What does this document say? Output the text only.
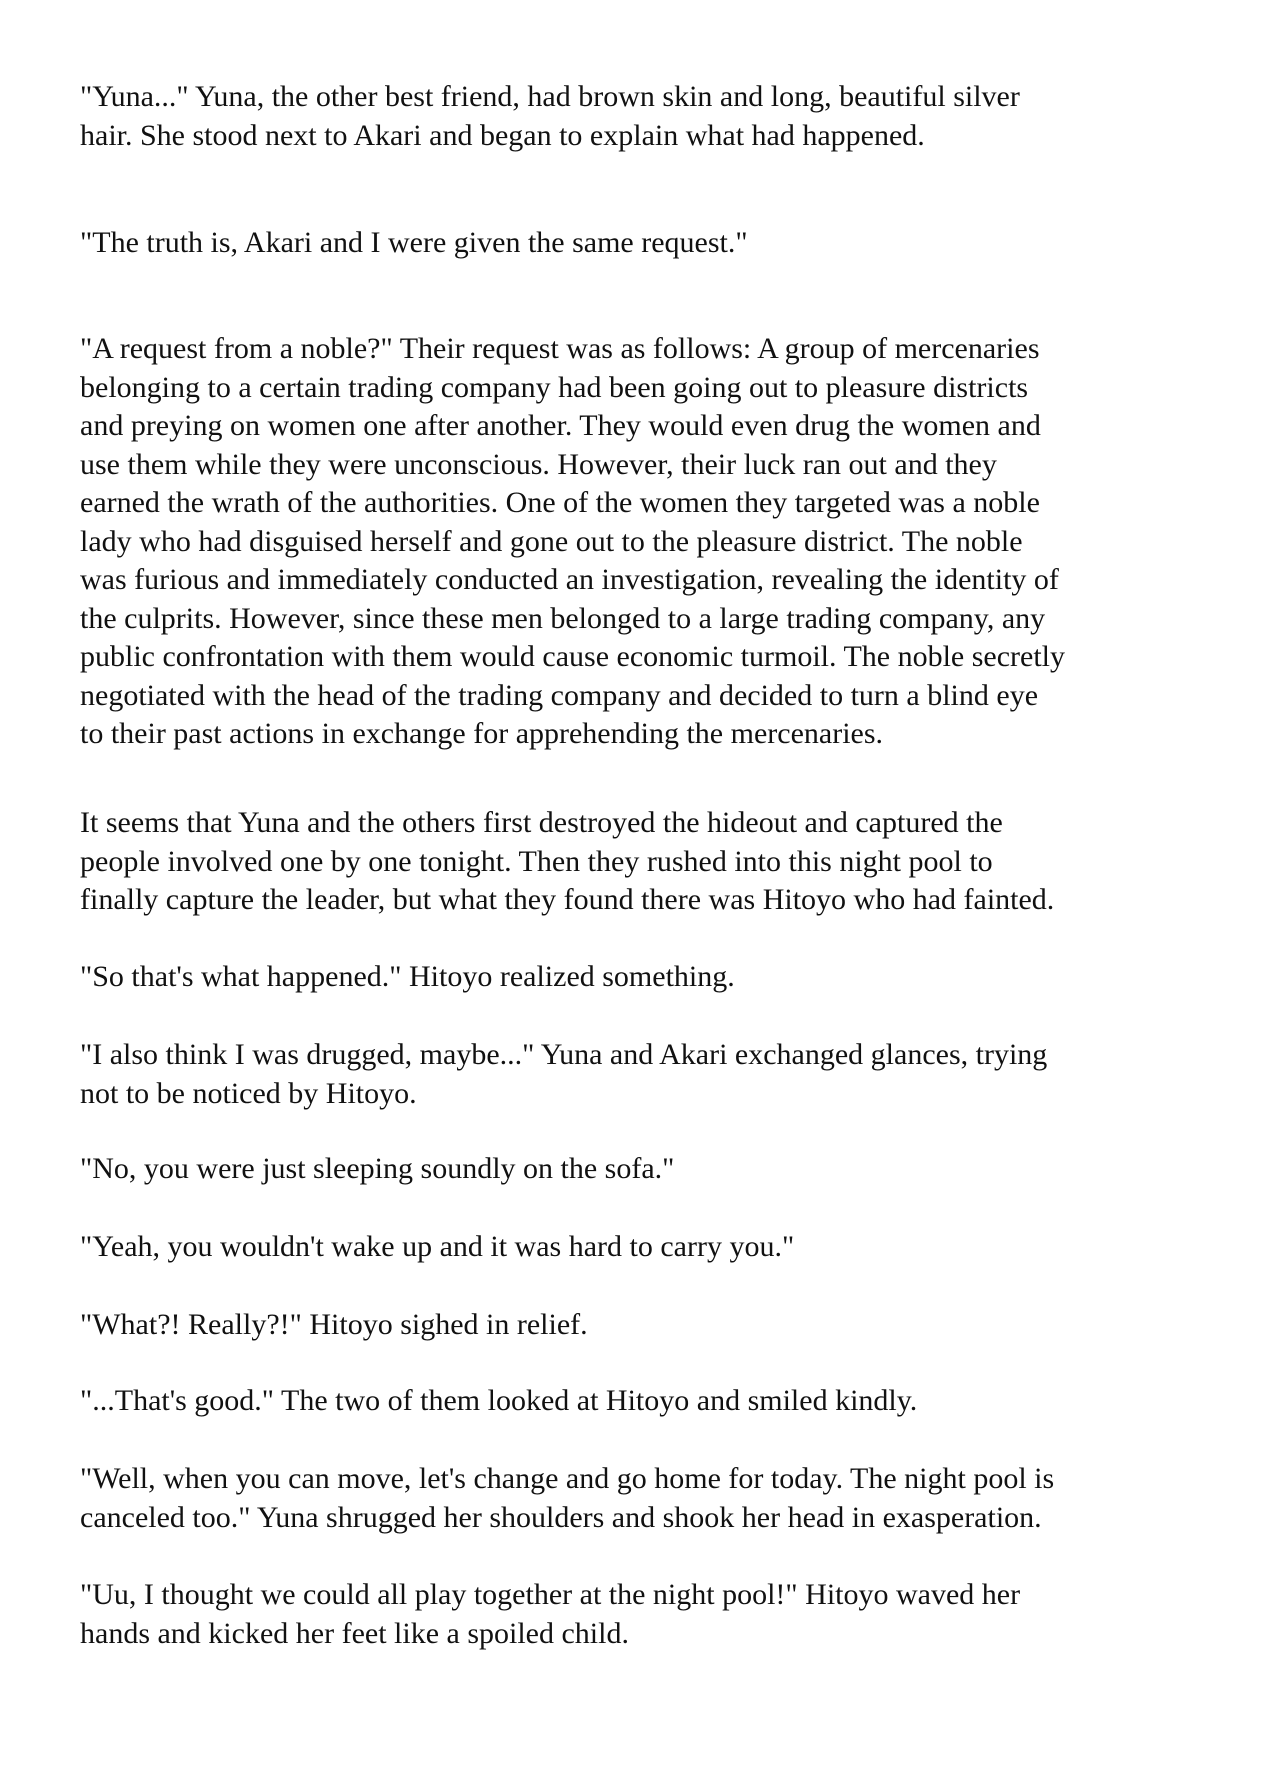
"Yuna..." Yuna, the other best friend, had brown skin and long, beautiful silver
hair. She stood next to Akari and began to explain what had happened.

"The truth is, Akari and I were given the same request."

"A request from a noble?" Their request was as follows: A group of mercenaries
belonging to a certain trading company had been going out to pleasure districts
and preying on women one after another. They would even drug the women and
use them while they were unconscious. However, their luck ran out and they
earned the wrath of the authorities. One of the women they targeted was a noble
lady who had disguised herself and gone out to the pleasure district. The noble
was furious and immediately conducted an investigation, revealing the identity of
the culprits. However, since these men belonged to a large trading company, any
public confrontation with them would cause economic turmoil. The noble secretly
negotiated with the head of the trading company and decided to turn a blind eye
to their past actions in exchange for apprehending the mercenaries.

It seems that Yuna and the others first destroyed the hideout and captured the
people involved one by one tonight. Then they rushed into this night pool to
finally capture the leader, but what they found there was Hitoyo who had fainted.

"So that's what happened." Hitoyo realized something.

"I also think I was drugged, maybe..." Yuna and Akari exchanged glances, trying
not to be noticed by Hitoyo.

"No, you were just sleeping soundly on the sofa."

"Yeah, you wouldn't wake up and it was hard to carry you."

"What?! Really?!" Hitoyo sighed in relief.

"...That's good." The two of them looked at Hitoyo and smiled kindly.

"Well, when you can move, let's change and go home for today. The night pool is
canceled too." Yuna shrugged her shoulders and shook her head in exasperation.

"Uu, I thought we could all play together at the night pool!" Hitoyo waved her
hands and kicked her feet like a spoiled child.
